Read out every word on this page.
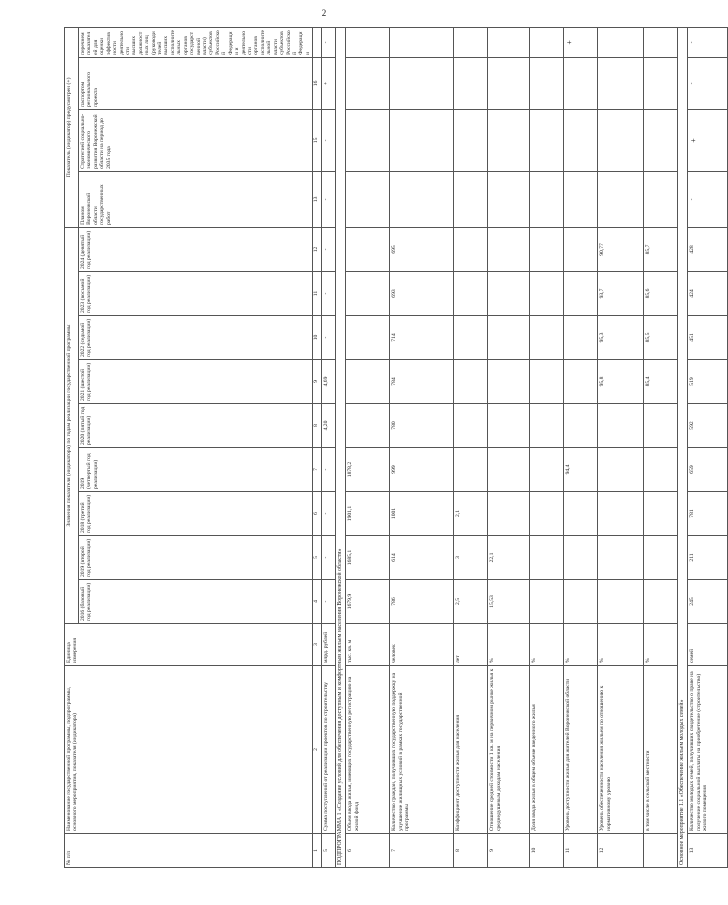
2
№ п/п	Наименование государственной программы, подпрограммы, основного мероприятия, показателя (индикатора)	Единица измерения	Значения показателя (индикатора) по годам реализации государственной программы									Показатель (индикатор) предусмотрен (+)			
			2016 (базовый год реализации)	2019 (второй год реализации)	2018 (третий год реализации)	2019 (четвертый год реализации)	2020 (пятый год реализации)	2021 (шестой год реализации)	2022 (седьмой год реализации)	2023 (восьмой год реализации)	2024 (девятый год реализации)	Планом Воронежской области государственных работ	Стратегией социально-экономического развития Воронежской области на период до 2035 года	паспортом регионального проекта	перечнем показателей для оценки эффективности деятельности высших должностных лиц (руководителей высших исполнительных органов государственной власти) субъектов Российской Федерации и деятельности органов исполнительной власти субъектов Российской Федерации
1	2	3	4	5	6	7	8	9	10	11	12	13	15	16	
5	Сумма поступлений от реализации проектов по строительству	млрд. рублей	-	-	-	-	4,20	4,69	-	-	-	-	-	+	-
ПОДПРОГРАММА 1 «Создание условий для обеспечения доступным и комфортным жильем населения Воронежской области»															
6	Объем ввода жилья, имеющих государственную регистрацию на жилой фонд	тыс. кв. м	1679,9	1685,1	1901,1	1878,2									
7	Количество граждан, получивших государственную поддержку на улучшение жилищных условий в рамках государственной программы	человек	786	614	1001	999	780	784	714	693	695				
8	Коэффициент доступности жилья для населения	лет	2,5	3	2,1										
9	Отношение средней стоимости 1 кв. м на первичном рынке жилья к среднедушевым доходам населения	%	15,53	22,1											
10	Доля ввода жилья в общем объеме введенного жилья	%													
11	Уровень доступности жилья для жителей Воронежской области	%				94,4									+
12	Уровень обеспеченности населения жильем по отношению к нормативному уровню	%						95,8	95,3	93,7	90,77				
	в том числе в сельской местности	%						85,4	85,5	85,6	85,7				
Основное мероприятие 1.1 «Обеспечение жильем молодых семей»															
13	Количество молодых семей, получивших свидетельство о праве на получение социальной выплаты на приобретение (строительство) жилого помещения	семей	245	211	781	659	592	519	451	424	428	-	+	-	-
